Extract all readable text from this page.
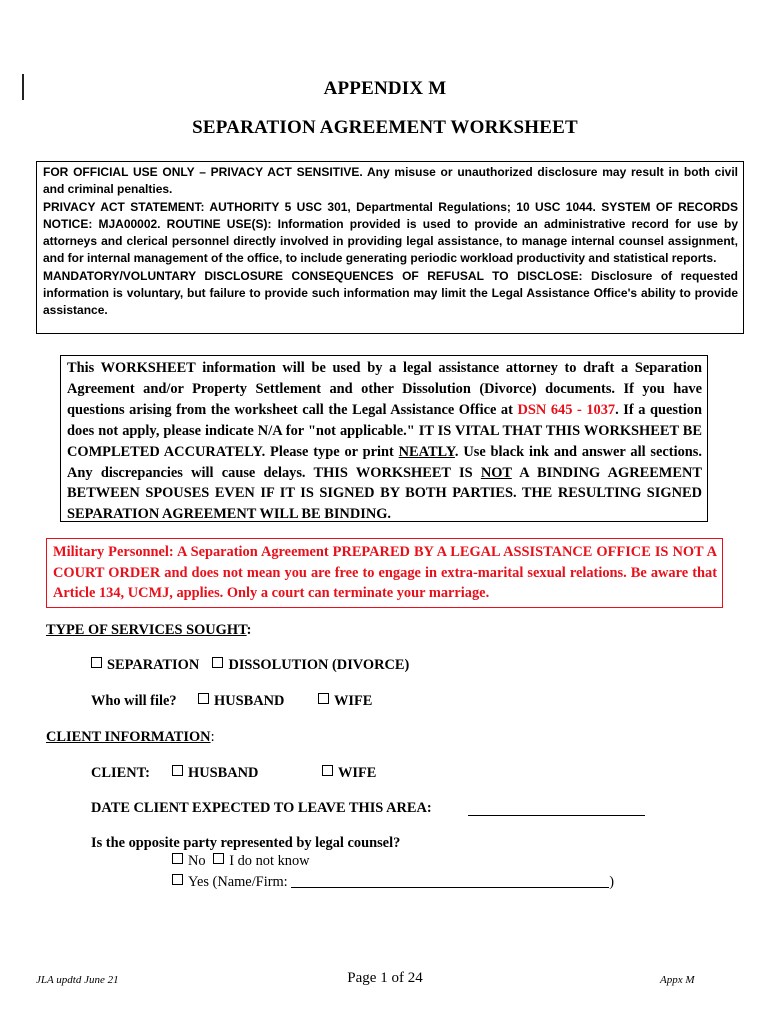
APPENDIX M
SEPARATION AGREEMENT WORKSHEET

FOR OFFICIAL USE ONLY – PRIVACY ACT SENSITIVE. Any misuse or unauthorized disclosure may result in both civil and criminal penalties.

PRIVACY ACT STATEMENT: AUTHORITY 5 USC 301, Departmental Regulations; 10 USC 1044. SYSTEM OF RECORDS NOTICE: MJA00002. ROUTINE USE(S): Information provided is used to provide an administrative record for use by attorneys and clerical personnel directly involved in providing legal assistance, to manage internal counsel assignment, and for internal management of the office, to include generating periodic workload productivity and statistical reports.

MANDATORY/VOLUNTARY DISCLOSURE CONSEQUENCES OF REFUSAL TO DISCLOSE: Disclosure of requested information is voluntary, but failure to provide such information may limit the Legal Assistance Office's ability to provide assistance.

This WORKSHEET information will be used by a legal assistance attorney to draft a Separation Agreement and/or Property Settlement and other Dissolution (Divorce) documents. If you have questions arising from the worksheet call the Legal Assistance Office at DSN 645 - 1037. If a question does not apply, please indicate N/A for "not applicable." IT IS VITAL THAT THIS WORKSHEET BE COMPLETED ACCURATELY. Please type or print NEATLY. Use black ink and answer all sections. Any discrepancies will cause delays. THIS WORKSHEET IS NOT A BINDING AGREEMENT BETWEEN SPOUSES EVEN IF IT IS SIGNED BY BOTH PARTIES. THE RESULTING SIGNED SEPARATION AGREEMENT WILL BE BINDING.
Military Personnel: A Separation Agreement PREPARED BY A LEGAL ASSISTANCE OFFICE IS NOT A COURT ORDER and does not mean you are free to engage in extra-marital sexual relations. Be aware that Article 134, UCMJ, applies. Only a court can terminate your marriage.
TYPE OF SERVICES SOUGHT:
SEPARATION DISSOLUTION (DIVORCE)
Who will file?	HUSBAND	WIFE
CLIENT INFORMATION:
CLIENT:	HUSBAND	WIFE
DATE CLIENT EXPECTED TO LEAVE THIS AREA:
Is the opposite party represented by legal counsel?
No I do not know
Yes (Name/Firm:	)
JLA updtd June 21	Page 1 of 24	Appx M
